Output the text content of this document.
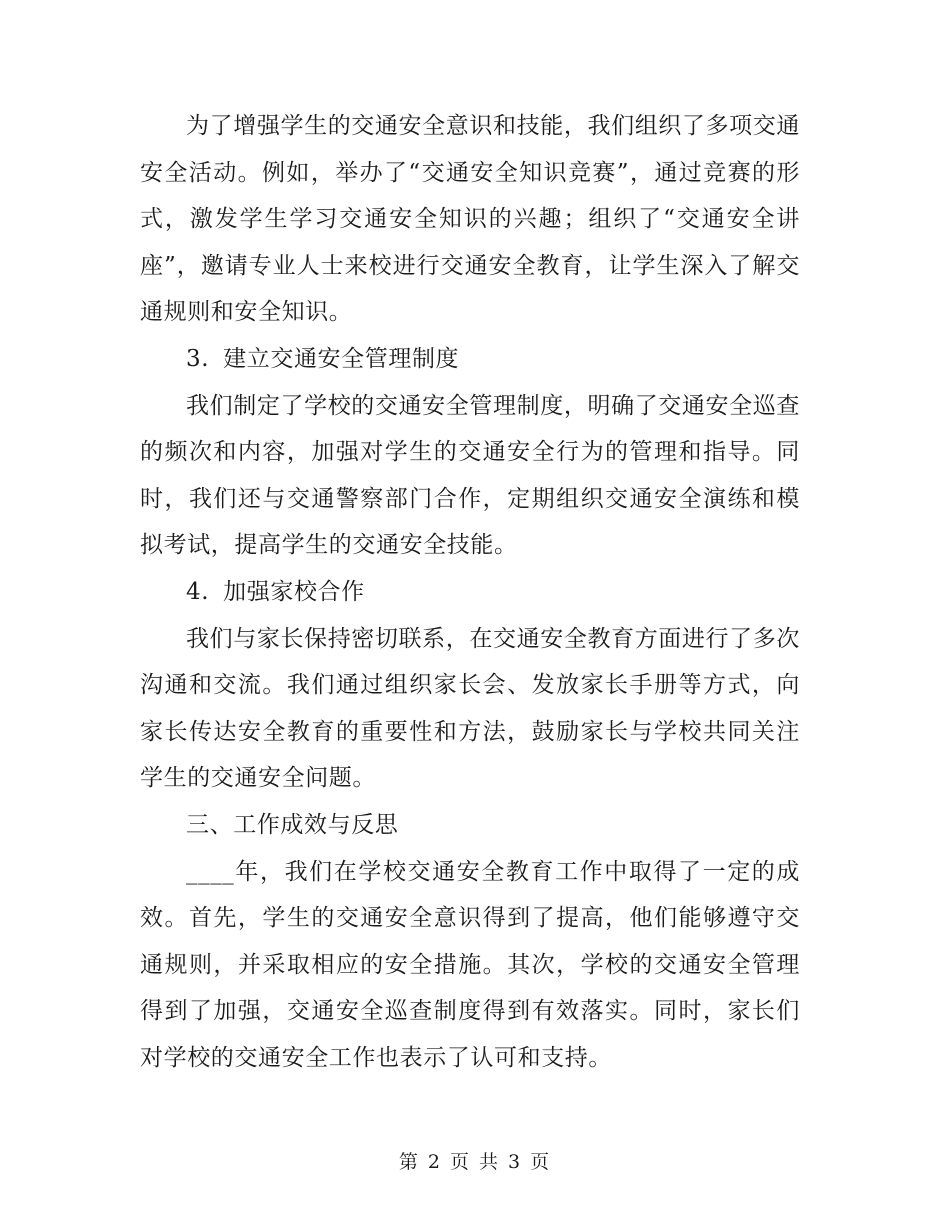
为了增强学生的交通安全意识和技能，我们组织了多项交通安全活动。例如，举办了“交通安全知识竞赛”，通过竞赛的形式，激发学生学习交通安全知识的兴趣；组织了“交通安全讲座”，邀请专业人士来校进行交通安全教育，让学生深入了解交通规则和安全知识。

3. 建立交通安全管理制度

我们制定了学校的交通安全管理制度，明确了交通安全巡查的频次和内容，加强对学生的交通安全行为的管理和指导。同时，我们还与交通警察部门合作，定期组织交通安全演练和模拟考试，提高学生的交通安全技能。

4. 加强家校合作

我们与家长保持密切联系，在交通安全教育方面进行了多次沟通和交流。我们通过组织家长会、发放家长手册等方式，向家长传达安全教育的重要性和方法，鼓励家长与学校共同关注学生的交通安全问题。

三、工作成效与反思

____年，我们在学校交通安全教育工作中取得了一定的成效。首先，学生的交通安全意识得到了提高，他们能够遵守交通规则，并采取相应的安全措施。其次，学校的交通安全管理得到了加强，交通安全巡查制度得到有效落实。同时，家长们对学校的交通安全工作也表示了认可和支持。

第 2 页 共 3 页
